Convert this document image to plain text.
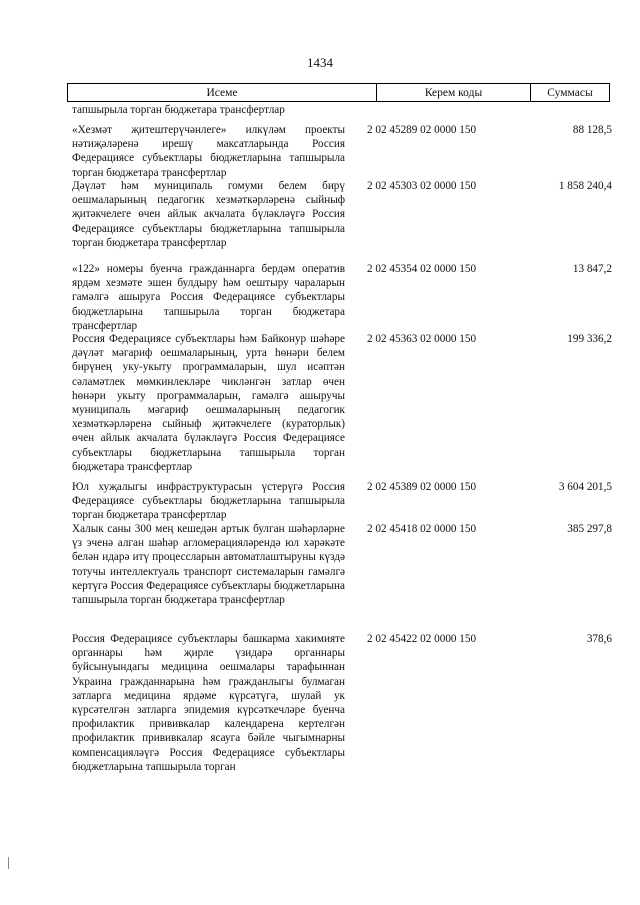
1434
Исеме	Керем коды	Суммасы
тапшырыла торган бюджетара трансфертлар
«Хезмәт җитештерүчәнлеге» илкүләм проекты нәтиҗәләренә ирешү максатларында Россия Федерациясе субъектлары бюджетларына тапшырыла торган бюджетара трансфертлар
2 02 45289 02 0000 150	88 128,5
Дәүләт һәм муниципаль гомуми белем бирү оешмаларының педагогик хезмәткәрләренә сыйныф җитәкчелеге өчен айлык акчалата бүләкләүгә Россия Федерациясе субъектлары бюджетларына тапшырыла торган бюджетара трансфертлар
2 02 45303 02 0000 150	1 858 240,4
«122» номеры буенча гражданнарга бердәм оператив ярдәм хезмәте эшен булдыру һәм оештыру чараларын гамәлгә ашыруга Россия Федерациясе субъектлары бюджетларына тапшырыла торган бюджетара трансфертлар
2 02 45354 02 0000 150	13 847,2
Россия Федерациясе субъектлары һәм Байконур шәһәре дәүләт мәгариф оешмаларының, урта һөнәри белем бирүнең уку-укыту программаларын, шул исәптән сәламәтлек мөмкинлекләре чикләнгән затлар өчен һөнәри укыту программаларын, гамәлгә ашыручы муниципаль мәгариф оешмаларының педагогик хезмәткәрләренә сыйныф җитәкчелеге (кураторлык) өчен айлык акчалата бүләкләүгә Россия Федерациясе субъектлары бюджетларына тапшырыла торган бюджетара трансфертлар
2 02 45363 02 0000 150	199 336,2
Юл хуҗалыгы инфраструктурасын үстерүгә Россия Федерациясе субъектлары бюджетларына тапшырыла торган бюджетара трансфертлар
2 02 45389 02 0000 150	3 604 201,5
Халык саны 300 мең кешедән артык булган шәһәрләрне үз эченә алган шәһәр агломерацияләрендә юл хәрәкәте белән идарә итү процессларын автоматлаштыруны күздә тотучы интеллектуаль транспорт системаларын гамәлгә кертүгә Россия Федерациясе субъектлары бюджетларына тапшырыла торган бюджетара трансфертлар
2 02 45418 02 0000 150	385 297,8
Россия Федерациясе субъектлары башкарма хакимияте органнары һәм җирле үзидарә органнары буйсынуындагы медицина оешмалары тарафыннан Украина гражданнарына һәм гражданлыгы булмаган затларга медицина ярдәме күрсәтүгә, шулай ук күрсәтелгән затларга эпидемия күрсәткечләре буенча профилактик прививкалар календарена кертелгән профилактик прививкалар ясауга бәйле чыгымнарны компенсацияләүгә Россия Федерациясе субъектлары бюджетларына тапшырыла торган
2 02 45422 02 0000 150	378,6
